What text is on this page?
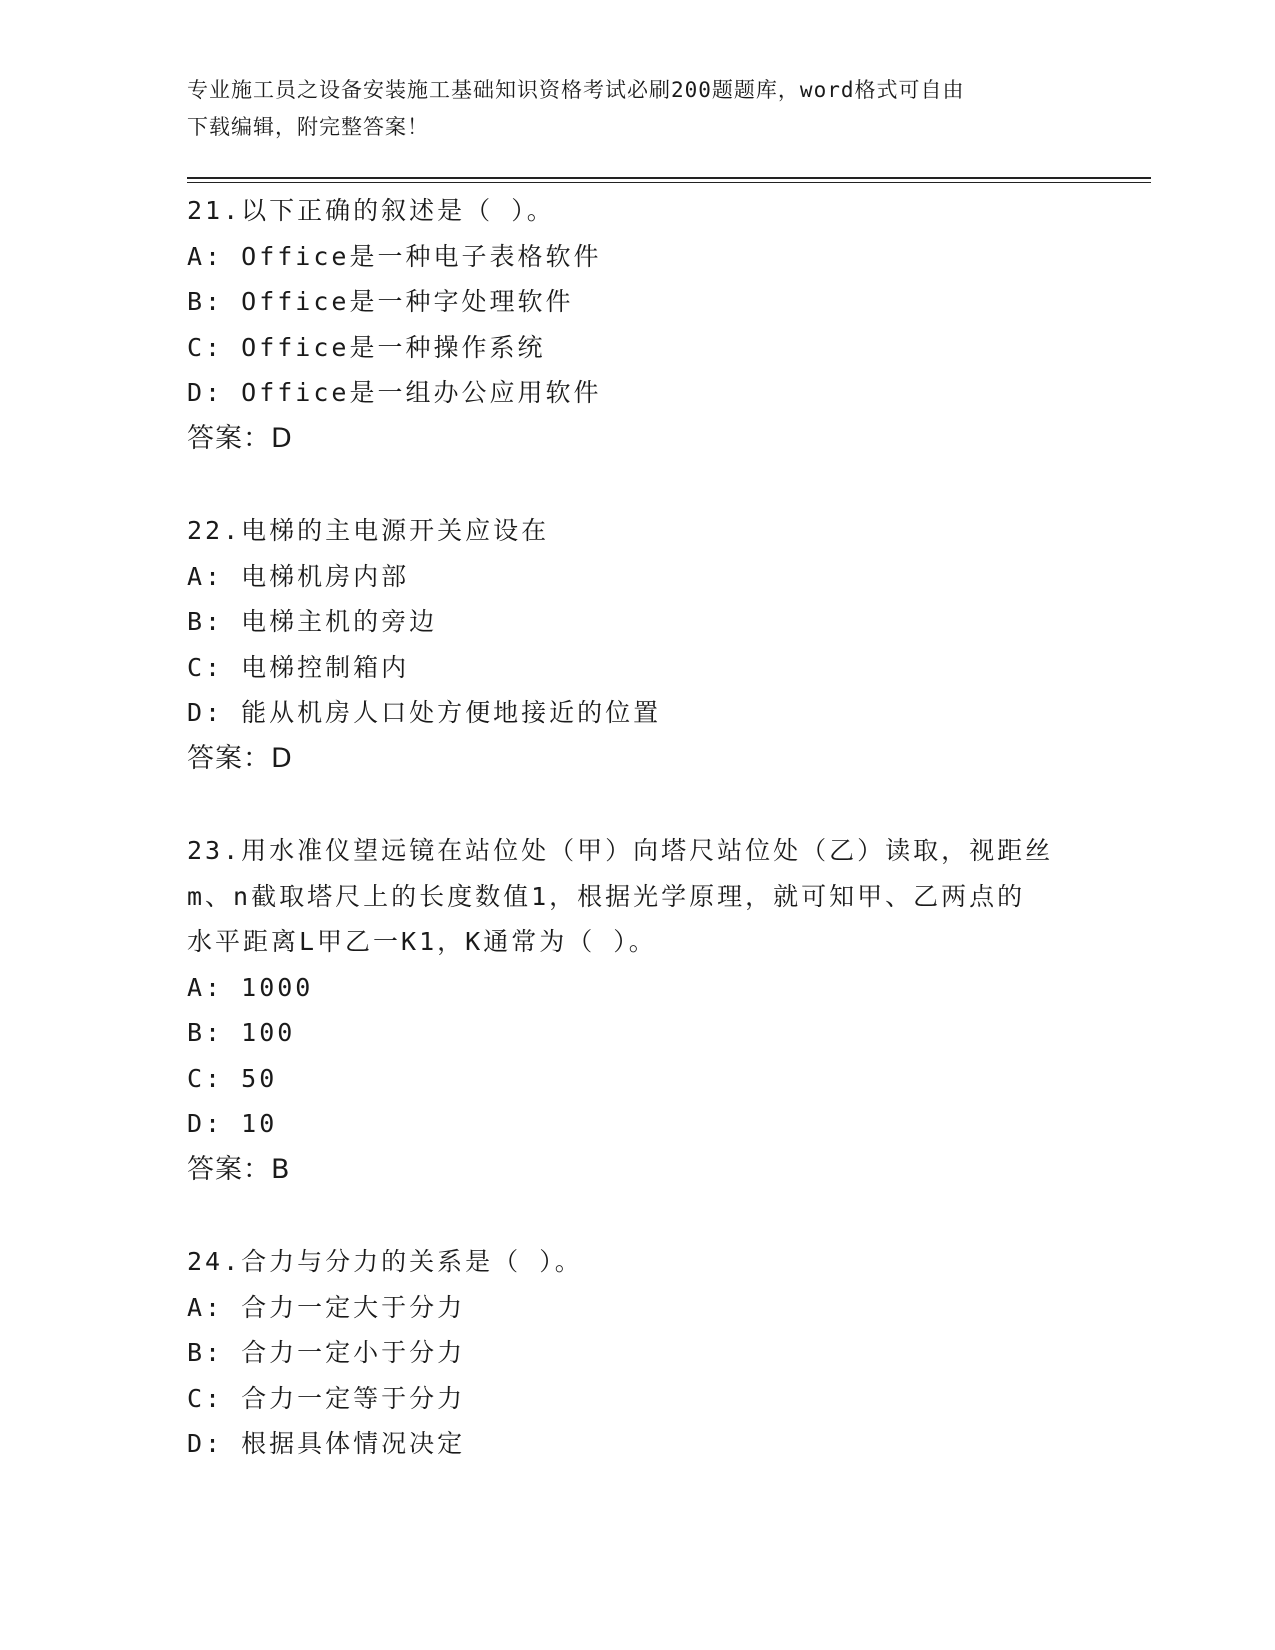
专业施工员之设备安装施工基础知识资格考试必刷200题题库，word格式可自由
下载编辑，附完整答案！
21.以下正确的叙述是（ ）。
A: Office是一种电子表格软件
B: Office是一种字处理软件
C: Office是一种操作系统
D: Office是一组办公应用软件
答案：D
22.电梯的主电源开关应设在
A: 电梯机房内部
B: 电梯主机的旁边
C: 电梯控制箱内
D: 能从机房人口处方便地接近的位置
答案：D
23.用水准仪望远镜在站位处（甲）向塔尺站位处（乙）读取，视距丝
m、n截取塔尺上的长度数值1，根据光学原理，就可知甲、乙两点的
水平距离L甲乙一K1，K通常为（ ）。
A: 1000
B: 100
C: 50
D: 10
答案：B
24.合力与分力的关系是（ ）。
A: 合力一定大于分力
B: 合力一定小于分力
C: 合力一定等于分力
D: 根据具体情况决定
